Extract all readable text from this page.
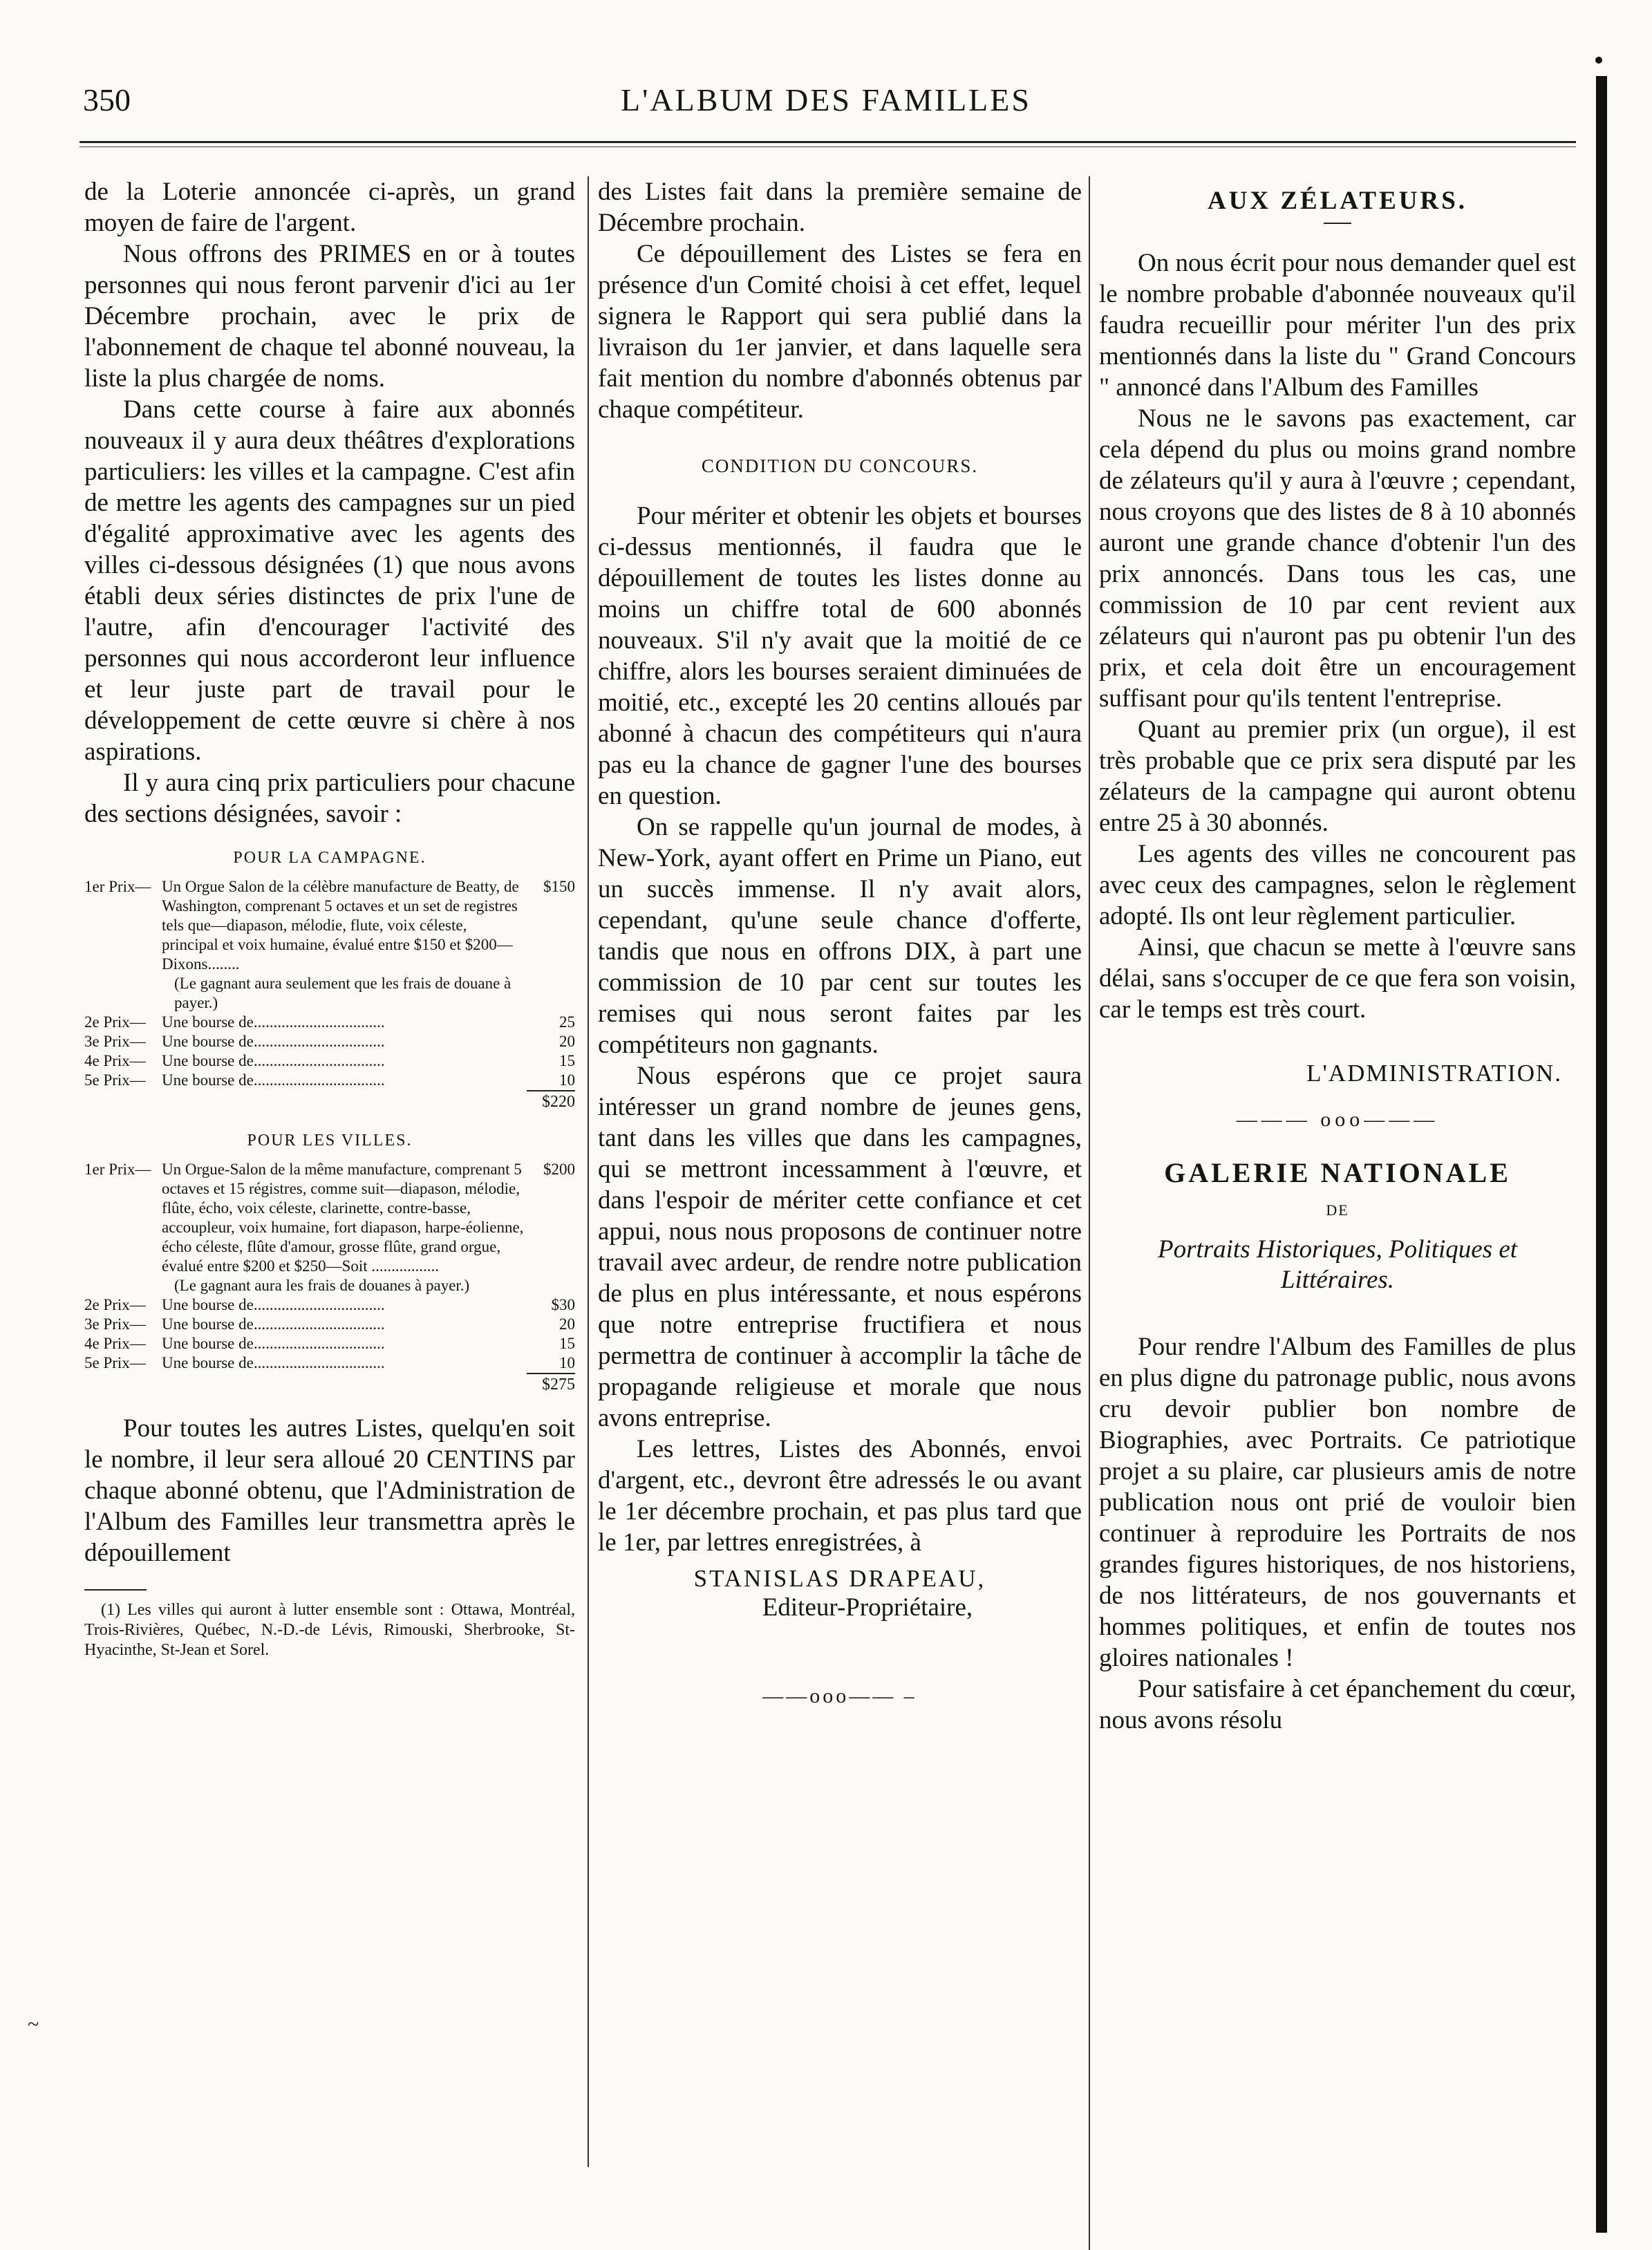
350	L'ALBUM DES FAMILLES

de la Loterie annoncée ci-après, un grand moyen de faire de l'argent.

Nous offrons des PRIMES en or à toutes personnes qui nous feront parvenir d'ici au 1er Décembre prochain, avec le prix de l'abonnement de chaque tel abonné nouveau, la liste la plus chargée de noms.

Dans cette course à faire aux abonnés nouveaux il y aura deux théâtres d'explorations particuliers: les villes et la campagne. C'est afin de mettre les agents des campagnes sur un pied d'égalité approximative avec les agents des villes ci-dessous désignées (1) que nous avons établi deux séries distinctes de prix l'une de l'autre, afin d'encourager l'activité des personnes qui nous accorderont leur influence et leur juste part de travail pour le développement de cette œuvre si chère à nos aspirations.

Il y aura cinq prix particuliers pour chacune des sections désignées, savoir :

POUR LA CAMPAGNE.
1er Prix— Un Orgue Salon de la célèbre manufacture de Beatty, de Washington, comprenant 5 octaves et un set de registres tels que—diapason, mélodie, flute, voix céleste, principal et voix humaine, évalué entre $150 et $200—Dixons........
$150
(Le gagnant aura seulement que les frais de douane à payer.)
2e Prix—	Une bourse de.................................	25
3e Prix—	Une bourse de.................................	20
4e Prix—	Une bourse de.................................	15
5e Prix—	Une bourse de.................................	10
$220
POUR LES VILLES.
1er Prix— Un Orgue-Salon de la même manufacture, comprenant 5 octaves et 15 régistres, comme suit—diapason, mélodie, flûte, écho, voix céleste, clarinette, contre-basse, accoupleur, voix humaine, fort diapason, harpe-éolienne, écho céleste, flûte d'amour, grosse flûte, grand orgue, évalué entre $200 et $250—Soit .................
$200
(Le gagnant aura les frais de douanes à payer.)
2e Prix—	Une bourse de.................................	$30
3e Prix—	Une bourse de.................................	20
4e Prix—	Une bourse de.................................	15
5e Prix—	Une bourse de.................................	10
$275

Pour toutes les autres Listes, quelqu'en soit le nombre, il leur sera alloué 20 CENTINS par chaque abonné obtenu, que l'Administration de l'Album des Familles leur transmettra après le dépouillement

(1) Les villes qui auront à lutter ensemble sont : Ottawa, Montréal, Trois-Rivières, Québec, N.-D.-de Lévis, Rimouski, Sherbrooke, St-Hyacinthe, St-Jean et Sorel.

des Listes fait dans la première semaine de Décembre prochain.

Ce dépouillement des Listes se fera en présence d'un Comité choisi à cet effet, lequel signera le Rapport qui sera publié dans la livraison du 1er janvier, et dans laquelle sera fait mention du nombre d'abonnés obtenus par chaque compétiteur.

CONDITION DU CONCOURS.

Pour mériter et obtenir les objets et bourses ci-dessus mentionnés, il faudra que le dépouillement de toutes les listes donne au moins un chiffre total de 600 abonnés nouveaux. S'il n'y avait que la moitié de ce chiffre, alors les bourses seraient diminuées de moitié, etc., excepté les 20 centins alloués par abonné à chacun des compétiteurs qui n'aura pas eu la chance de gagner l'une des bourses en question.

On se rappelle qu'un journal de modes, à New-York, ayant offert en Prime un Piano, eut un succès immense. Il n'y avait alors, cependant, qu'une seule chance d'offerte, tandis que nous en offrons DIX, à part une commission de 10 par cent sur toutes les remises qui nous seront faites par les compétiteurs non gagnants.

Nous espérons que ce projet saura intéresser un grand nombre de jeunes gens, tant dans les villes que dans les campagnes, qui se mettront incessamment à l'œuvre, et dans l'espoir de mériter cette confiance et cet appui, nous nous proposons de continuer notre travail avec ardeur, de rendre notre publication de plus en plus intéressante, et nous espérons que notre entreprise fructifiera et nous permettra de continuer à accomplir la tâche de propagande religieuse et morale que nous avons entreprise.

Les lettres, Listes des Abonnés, envoi d'argent, etc., devront être adressés le ou avant le 1er décembre prochain, et pas plus tard que le 1er, par lettres enregistrées, à

STANISLAS DRAPEAU,
Editeur-Propriétaire,
——ooo—— –
AUX ZÉLATEURS.

On nous écrit pour nous demander quel est le nombre probable d'abonnée nouveaux qu'il faudra recueillir pour mériter l'un des prix mentionnés dans la liste du " Grand Concours " annoncé dans l'Album des Familles

Nous ne le savons pas exactement, car cela dépend du plus ou moins grand nombre de zélateurs qu'il y aura à l'œuvre ; cependant, nous croyons que des listes de 8 à 10 abonnés auront une grande chance d'obtenir l'un des prix annoncés. Dans tous les cas, une commission de 10 par cent revient aux zélateurs qui n'auront pas pu obtenir l'un des prix, et cela doit être un encouragement suffisant pour qu'ils tentent l'entreprise.

Quant au premier prix (un orgue), il est très probable que ce prix sera disputé par les zélateurs de la campagne qui auront obtenu entre 25 à 30 abonnés.

Les agents des villes ne concourent pas avec ceux des campagnes, selon le règlement adopté. Ils ont leur règlement particulier.

Ainsi, que chacun se mette à l'œuvre sans délai, sans s'occuper de ce que fera son voisin, car le temps est très court.

L'ADMINISTRATION.
——— ooo———
GALERIE NATIONALE
DE
Portraits Historiques, Politiques et Littéraires.

Pour rendre l'Album des Familles de plus en plus digne du patronage public, nous avons cru devoir publier bon nombre de Biographies, avec Portraits. Ce patriotique projet a su plaire, car plusieurs amis de notre publication nous ont prié de vouloir bien continuer à reproduire les Portraits de nos grandes figures historiques, de nos historiens, de nos littérateurs, de nos gouvernants et hommes politiques, et enfin de toutes nos gloires nationales !

Pour satisfaire à cet épanchement du cœur, nous avons résolu

~
